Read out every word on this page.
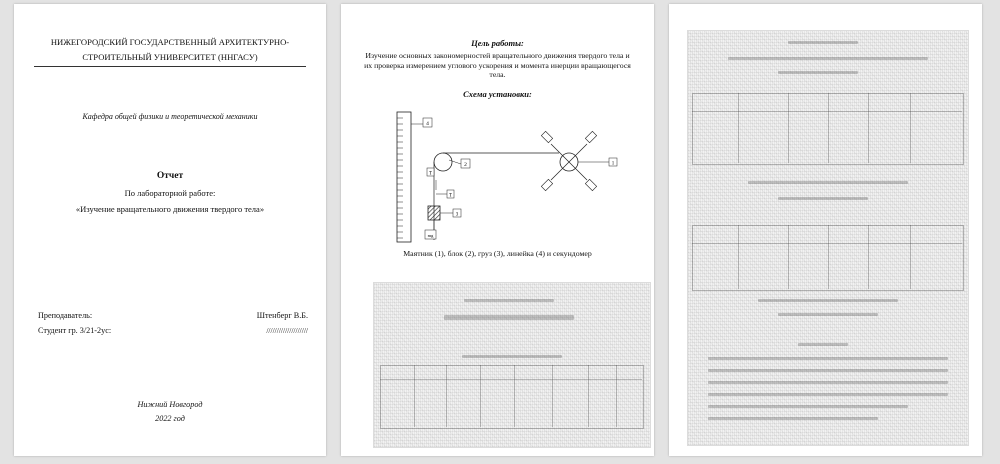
НИЖЕГОРОДСКИЙ ГОСУДАРСТВЕННЫЙ АРХИТЕКТУРНО-
СТРОИТЕЛЬНЫЙ УНИВЕРСИТЕТ (ННГАСУ)
Кафедра общей физики и теоретической механики
Отчет
По лабораторной работе:
«Изучение вращательного движения твердого тела»
Преподаватель:	Штенберг В.Б.
Студент гр. 3/21-2ус:	////////////////////
Нижний Новгород
2022 год
Цель работы:
Изучение основных закономерностей вращательного движения твердого тела и их проверка измерением углового ускорения и момента инерции вращающегося тела.
Схема установки:
4
2
T
T
3
mg
1
Маятник (1), блок (2), груз (3), линейка (4) и секундомер
